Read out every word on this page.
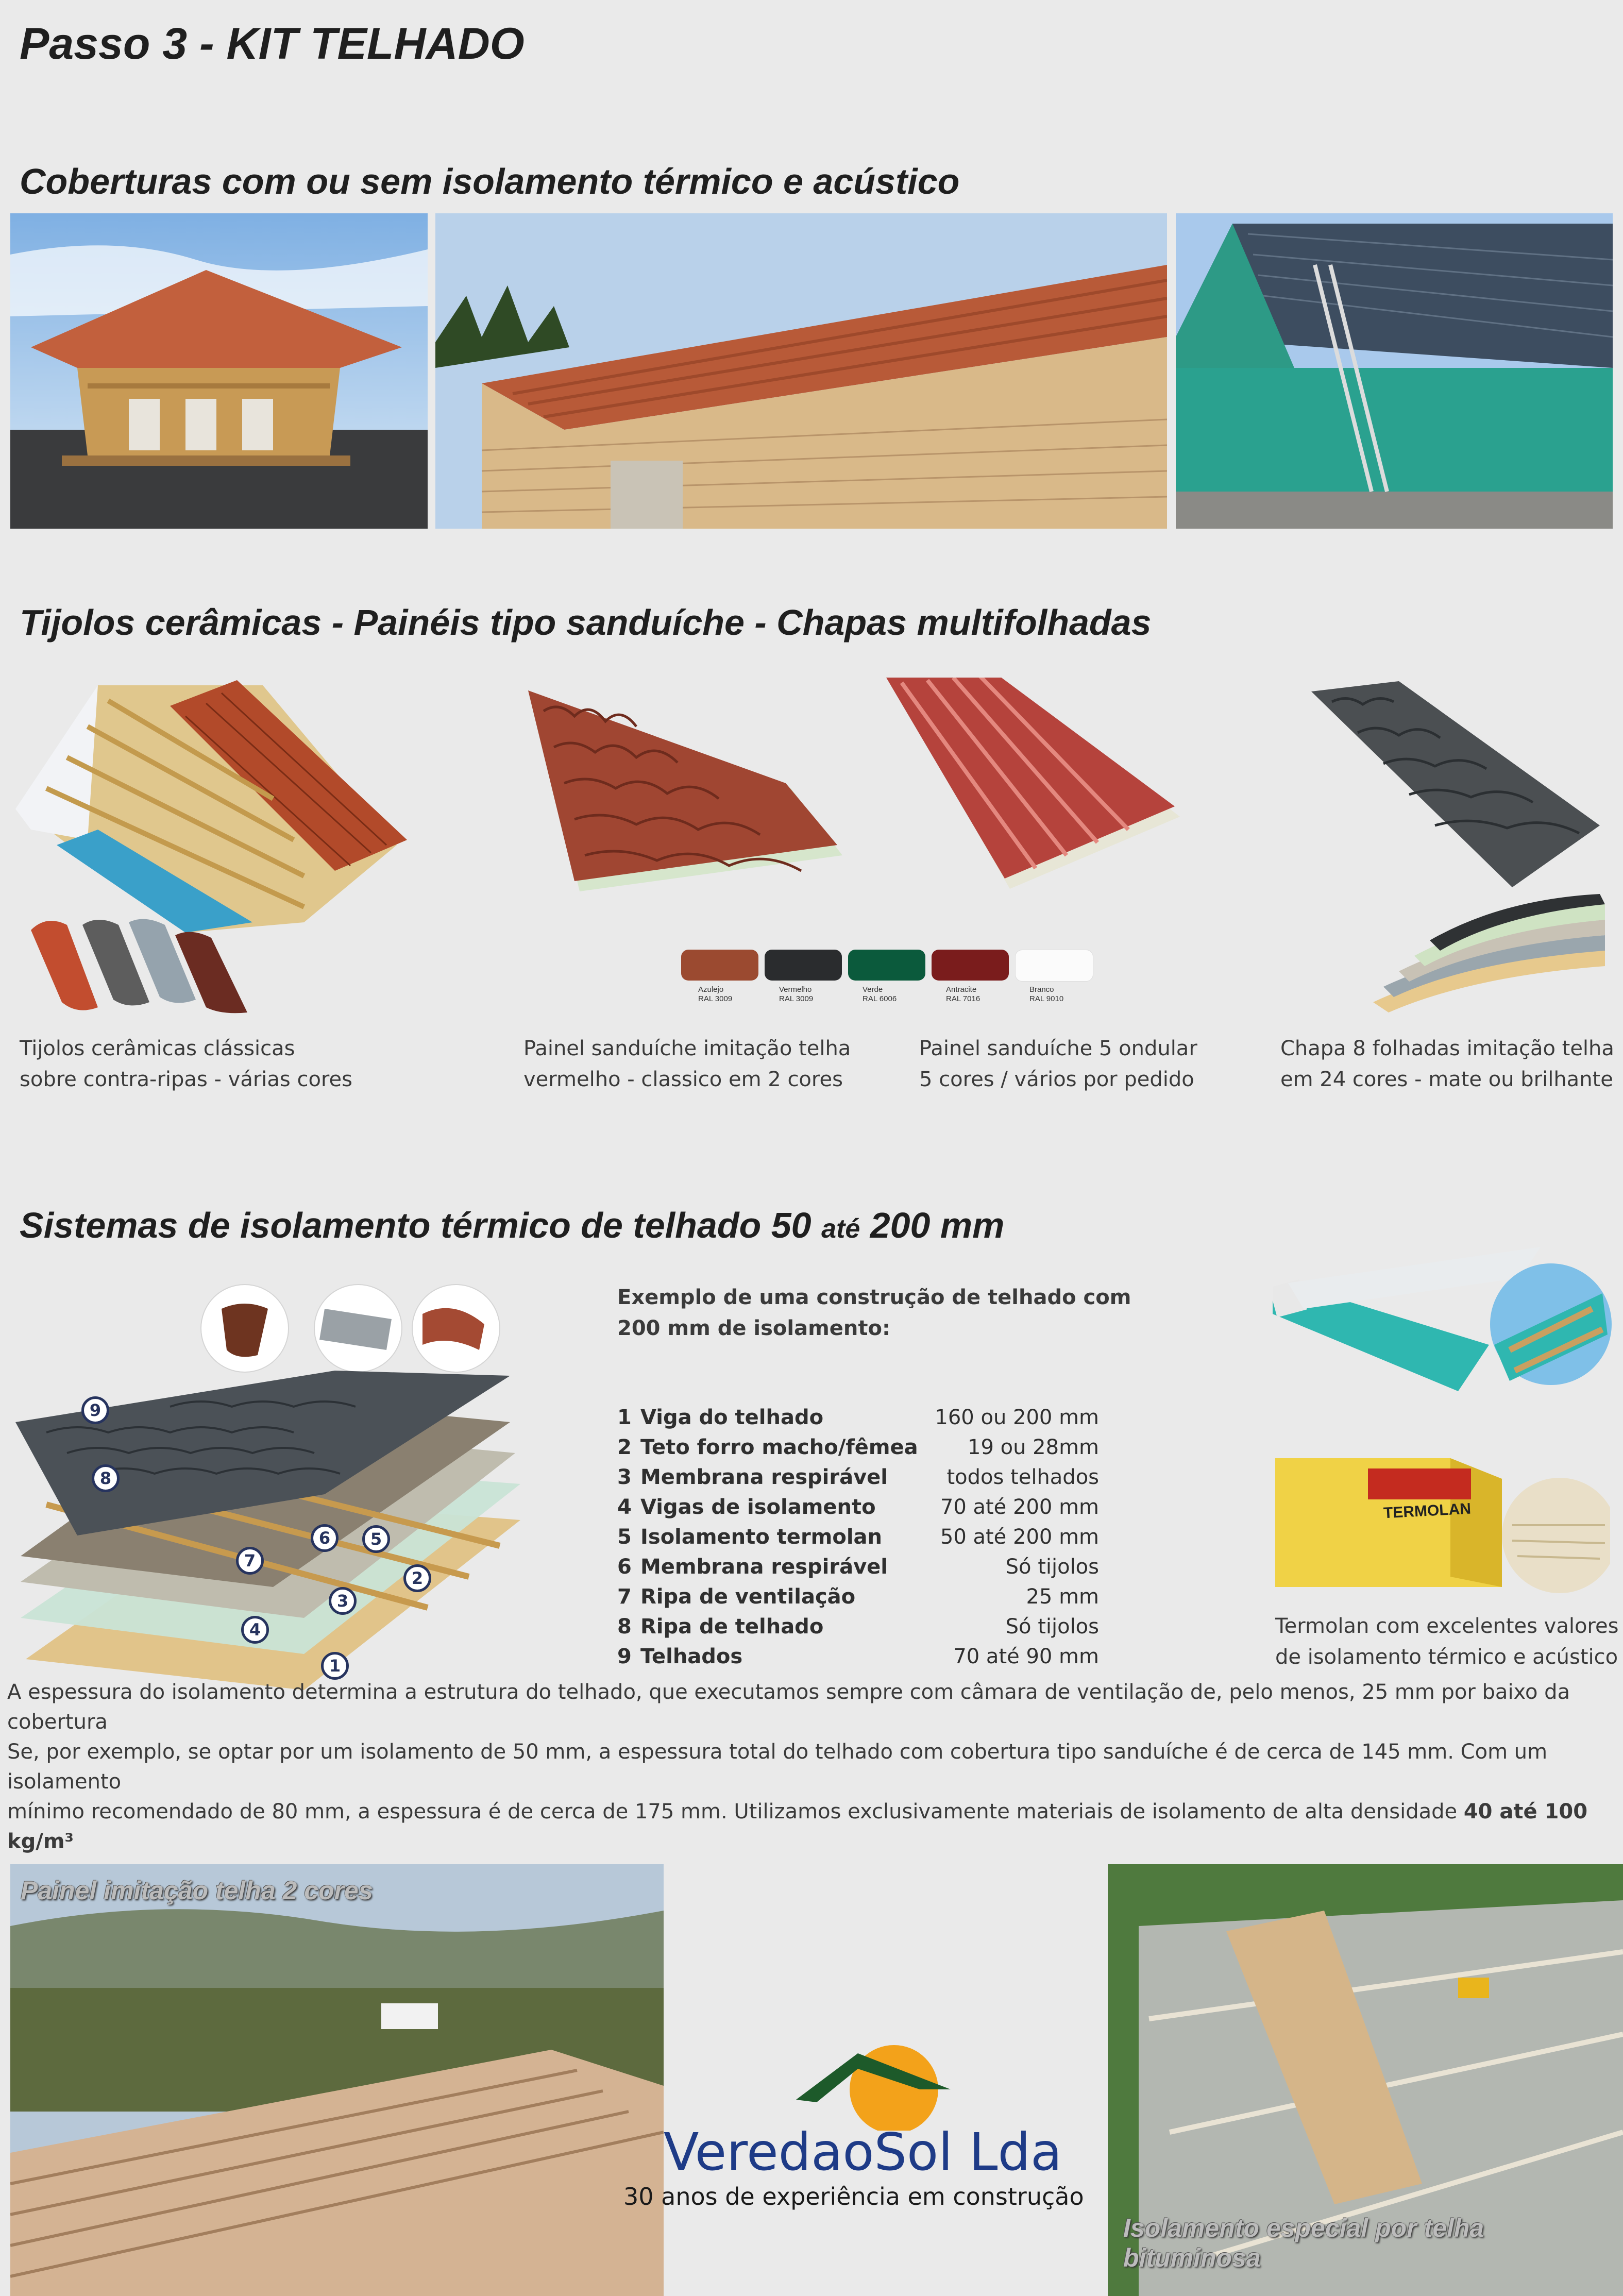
Passo 3 - KIT TELHADO
Coberturas com ou sem isolamento térmico e acústico
Tijolos cerâmicas - Painéis tipo sanduíche - Chapas multifolhadas
Azulejo
RAL 3009
Vermelho
RAL 3009
Verde
RAL 6006
Antracite
RAL 7016
Branco
RAL 9010
Tijolos cerâmicas clássicas
sobre contra-ripas - várias cores
Painel sanduíche imitação telha
vermelho - classico em 2 cores
Painel sanduíche 5 ondular
5 cores / vários por pedido
Chapa 8 folhadas imitação telha
em 24 cores - mate ou brilhante
Sistemas de isolamento térmico de telhado 50 até 200 mm
9
8
7
6	5
4
3
2
1
Exemplo de uma construção de telhado com
200 mm de isolamento:
1	Viga do telhado	160 ou 200 mm
2	Teto forro macho/fêmea	19 ou 28mm
3	Membrana respirável	todos telhados
4	Vigas de isolamento	70 até 200 mm
5	Isolamento termolan	50 até 200 mm
6	Membrana respirável	Só tijolos
7	Ripa de ventilação	25 mm
8	Ripa de telhado	Só tijolos
9	Telhados	70 até 90 mm
TERMOLAN
Termolan com excelentes valores
de isolamento térmico e acústico
A espessura do isolamento determina a estrutura do telhado, que executamos sempre com câmara de ventilação de, pelo menos, 25 mm por baixo da cobertura
Se, por exemplo, se optar por um isolamento de 50 mm, a espessura total do telhado com cobertura tipo sanduíche é de cerca de 145 mm. Com um isolamento
mínimo recomendado de 80 mm, a espessura é de cerca de 175 mm. Utilizamos exclusivamente materiais de isolamento de alta densidade 40 até 100 kg/m³
Painel imitação telha 2 cores
Isolamento especial por telha
bituminosa
VeredaoSol Lda
30 anos de experiência em construção
